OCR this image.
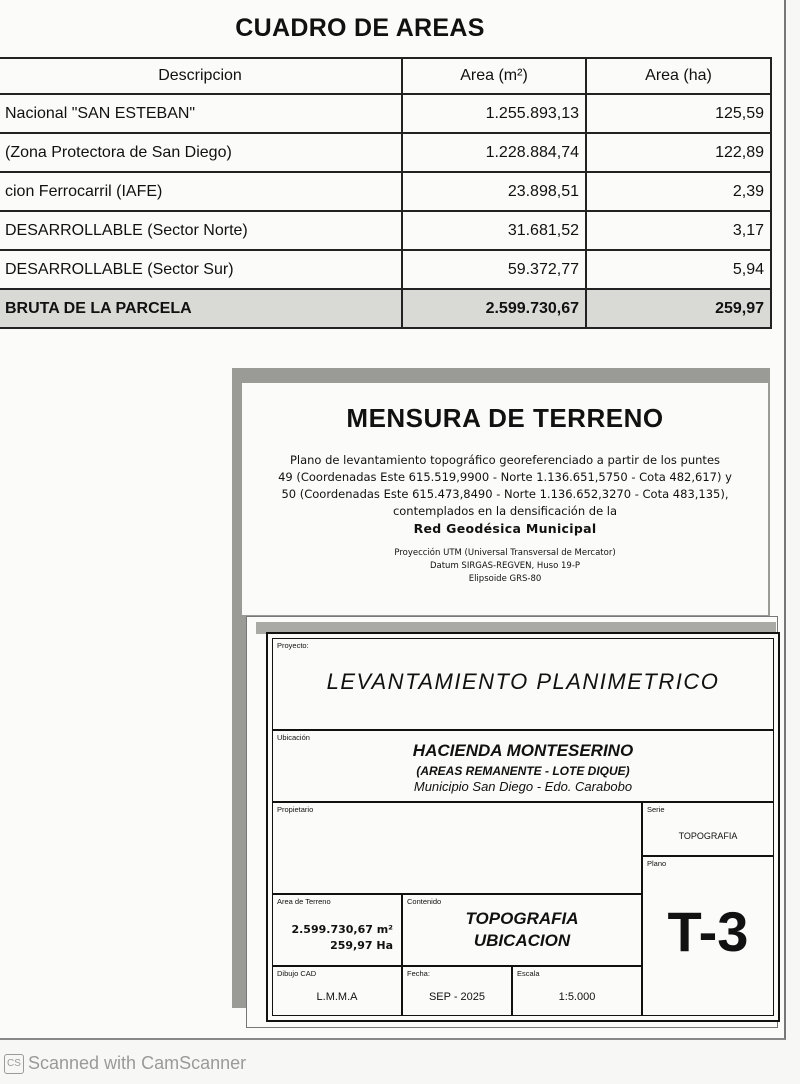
CUADRO DE AREAS
Descripcion	Area (m²)	Area (ha)
Nacional "SAN ESTEBAN"	1.255.893,13	125,59
(Zona Protectora de San Diego)	1.228.884,74	122,89
cion Ferrocarril (IAFE)	23.898,51	2,39
DESARROLLABLE (Sector Norte)	31.681,52	3,17
DESARROLLABLE (Sector Sur)	59.372,77	5,94
BRUTA DE LA PARCELA	2.599.730,67	259,97
MENSURA DE TERRENO
Plano de levantamiento topográfico georeferenciado a partir de los puntes
49 (Coordenadas Este 615.519,9900 - Norte 1.136.651,5750 - Cota 482,617) y
50 (Coordenadas Este 615.473,8490 - Norte 1.136.652,3270 - Cota 483,135),
contemplados en la densificación de la
Red Geodésica Municipal
Proyección UTM (Universal Transversal de Mercator)
Datum SIRGAS-REGVEN, Huso 19-P
Elipsoide GRS-80
Proyecto:
LEVANTAMIENTO PLANIMETRICO
Ubicación
HACIENDA MONTESERINO
(AREAS REMANENTE - LOTE DIQUE)
Municipio San Diego - Edo. Carabobo
Propietario	Serie
TOPOGRAFIA
Plano
T-3
Area de Terreno
2.599.730,67 m²
259,97 Ha
Contenido
TOPOGRAFIA
UBICACION
Dibujo CAD
L.M.M.A
Fecha:
SEP - 2025
Escala
1:5.000
CS Scanned with CamScanner
